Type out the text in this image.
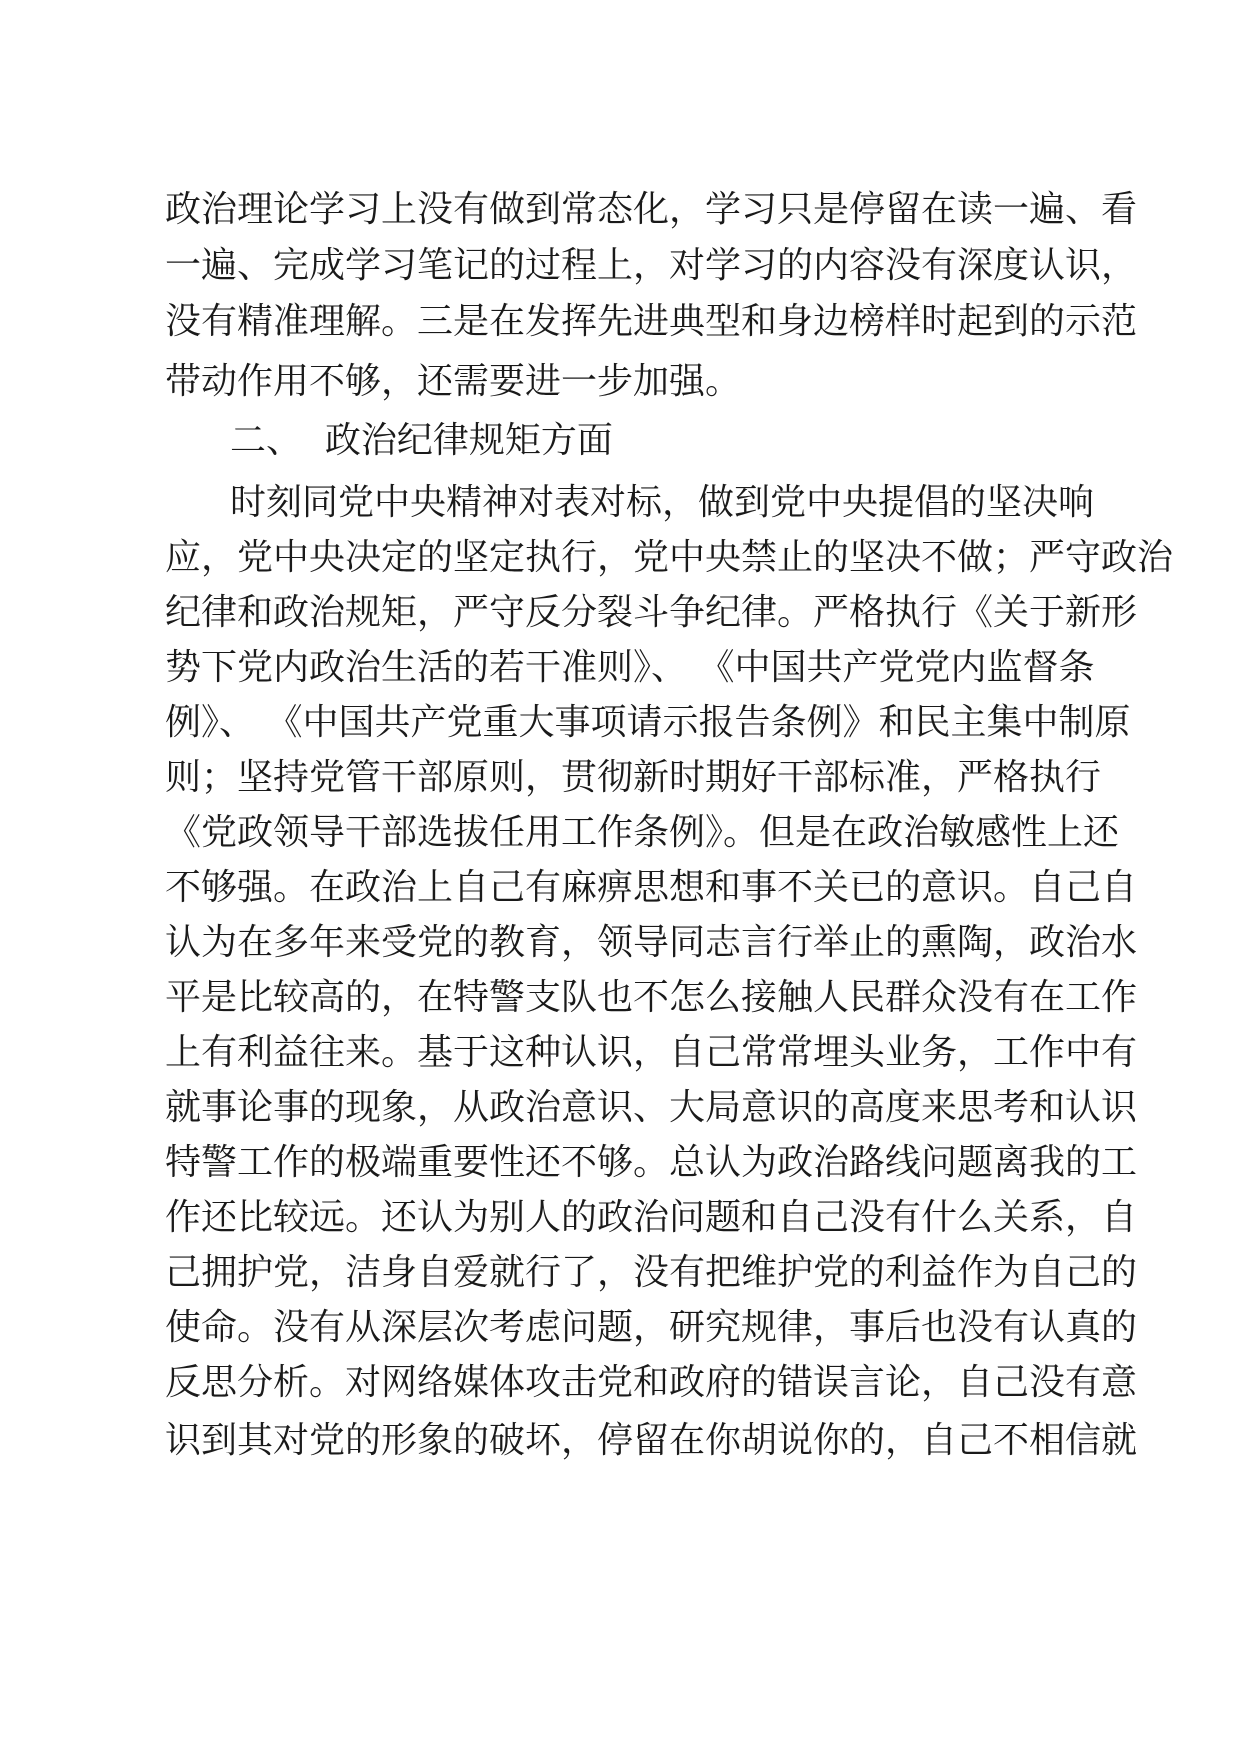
政治理论学习上没有做到常态化，学习只是停留在读一遍、看

一遍、完成学习笔记的过程上，对学习的内容没有深度认识，

没有精准理解。三是在发挥先进典型和身边榜样时起到的示范

带动作用不够，还需要进一步加强。

二、  政治纪律规矩方面

时刻同党中央精神对表对标，做到党中央提倡的坚决响

应，党中央决定的坚定执行，党中央禁止的坚决不做；严守政治

纪律和政治规矩，严守反分裂斗争纪律。严格执行《关于新形

势下党内政治生活的若干准则》、 《中国共产党党内监督条

例》、 《中国共产党重大事项请示报告条例》和民主集中制原

则；坚持党管干部原则，贯彻新时期好干部标准，严格执行

《党政领导干部选拔任用工作条例》。但是在政治敏感性上还

不够强。在政治上自己有麻痹思想和事不关已的意识。自己自

认为在多年来受党的教育，领导同志言行举止的熏陶，政治水

平是比较高的，在特警支队也不怎么接触人民群众没有在工作

上有利益往来。基于这种认识，自己常常埋头业务，工作中有

就事论事的现象，从政治意识、大局意识的高度来思考和认识

特警工作的极端重要性还不够。总认为政治路线问题离我的工

作还比较远。还认为别人的政治问题和自己没有什么关系，自

己拥护党，洁身自爱就行了，没有把维护党的利益作为自己的

使命。没有从深层次考虑问题，研究规律，事后也没有认真的

反思分析。对网络媒体攻击党和政府的错误言论，自己没有意

识到其对党的形象的破坏，停留在你胡说你的，自己不相信就
